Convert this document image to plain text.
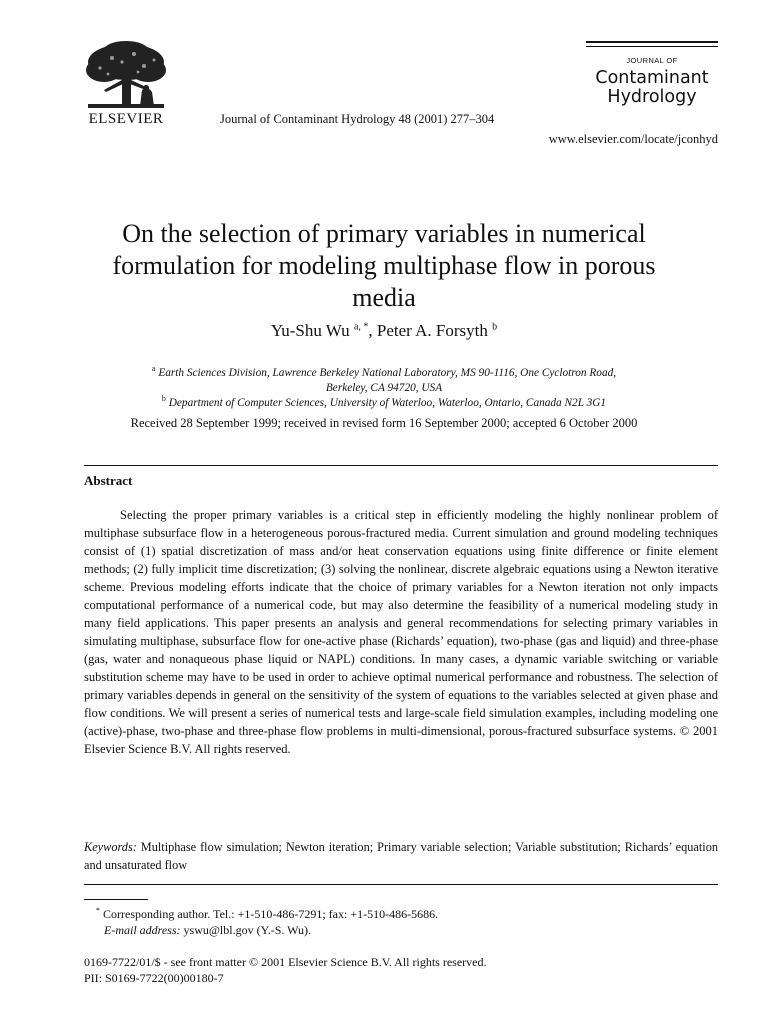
ELSEVIER	Journal of Contaminant Hydrology 48 (2001) 277–304
JOURNAL OF
Contaminant
Hydrology
www.elsevier.com/locate/jconhyd
On the selection of primary variables in numerical formulation for modeling multiphase flow in porous media
Yu-Shu Wu $^{a, *}$, Peter A. Forsyth $^b$
$^a$ Earth Sciences Division, Lawrence Berkeley National Laboratory, MS 90-1116, One Cyclotron Road,
Berkeley, CA 94720, USA
$^b$ Department of Computer Sciences, University of Waterloo, Waterloo, Ontario, Canada N2L 3G1
Received 28 September 1999; received in revised form 16 September 2000; accepted 6 October 2000
Abstract
Selecting the proper primary variables is a critical step in efficiently modeling the highly nonlinear problem of multiphase subsurface flow in a heterogeneous porous-fractured media. Current simulation and ground modeling techniques consist of (1) spatial discretization of mass and/or heat conservation equations using finite difference or finite element methods; (2) fully implicit time discretization; (3) solving the nonlinear, discrete algebraic equations using a Newton iterative scheme. Previous modeling efforts indicate that the choice of primary variables for a Newton iteration not only impacts computational performance of a numerical code, but may also determine the feasibility of a numerical modeling study in many field applications. This paper presents an analysis and general recommendations for selecting primary variables in simulating multiphase, subsurface flow for one-active phase (Richards’ equation), two-phase (gas and liquid) and three-phase (gas, water and nonaqueous phase liquid or NAPL) conditions. In many cases, a dynamic variable switching or variable substitution scheme may have to be used in order to achieve optimal numerical performance and robustness. The selection of primary variables depends in general on the sensitivity of the system of equations to the variables selected at given phase and flow conditions. We will present a series of numerical tests and large-scale field simulation examples, including modeling one (active)-phase, two-phase and three-phase flow problems in multi-dimensional, porous-fractured subsurface systems. © 2001 Elsevier Science B.V. All rights reserved.
Keywords: Multiphase flow simulation; Newton iteration; Primary variable selection; Variable substitution; Richards’ equation and unsaturated flow
* Corresponding author. Tel.: +1-510-486-7291; fax: +1-510-486-5686.
E-mail address: yswu@lbl.gov (Y.-S. Wu).
0169-7722/01/$ - see front matter © 2001 Elsevier Science B.V. All rights reserved.
PII: S0169-7722(00)00180-7
